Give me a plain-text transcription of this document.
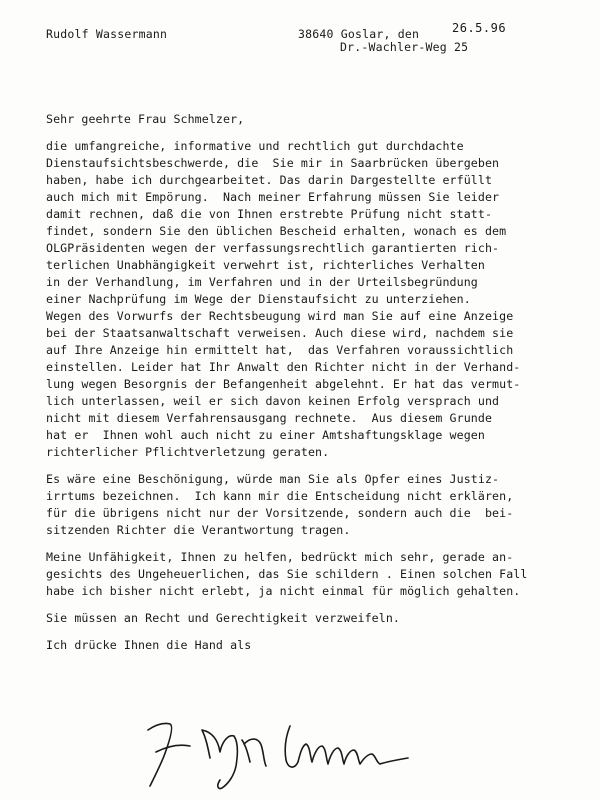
Rudolf Wassermann	38640 Goslar, den	26.5.96
Dr.-Wachler-Weg 25
Sehr geehrte Frau Schmelzer,
die umfangreiche, informative und rechtlich gut durchdachte
Dienstaufsichtsbeschwerde, die  Sie mir in Saarbrücken übergeben
haben, habe ich durchgearbeitet. Das darin Dargestellte erfüllt
auch mich mit Empörung.  Nach meiner Erfahrung müssen Sie leider
damit rechnen, daß die von Ihnen erstrebte Prüfung nicht statt-
findet, sondern Sie den üblichen Bescheid erhalten, wonach es dem
OLGPräsidenten wegen der verfassungsrechtlich garantierten rich-
terlichen Unabhängigkeit verwehrt ist, richterliches Verhalten
in der Verhandlung, im Verfahren und in der Urteilsbegründung
einer Nachprüfung im Wege der Dienstaufsicht zu unterziehen.
Wegen des Vorwurfs der Rechtsbeugung wird man Sie auf eine Anzeige
bei der Staatsanwaltschaft verweisen. Auch diese wird, nachdem sie
auf Ihre Anzeige hin ermittelt hat,  das Verfahren voraussichtlich
einstellen. Leider hat Ihr Anwalt den Richter nicht in der Verhand-
lung wegen Besorgnis der Befangenheit abgelehnt. Er hat das vermut-
lich unterlassen, weil er sich davon keinen Erfolg versprach und
nicht mit diesem Verfahrensausgang rechnete.  Aus diesem Grunde
hat er  Ihnen wohl auch nicht zu einer Amtshaftungsklage wegen
richterlicher Pflichtverletzung geraten.
Es wäre eine Beschönigung, würde man Sie als Opfer eines Justiz-
irrtums bezeichnen.  Ich kann mir die Entscheidung nicht erklären,
für die übrigens nicht nur der Vorsitzende, sondern auch die  bei-
sitzenden Richter die Verantwortung tragen.
Meine Unfähigkeit, Ihnen zu helfen, bedrückt mich sehr, gerade an-
gesichts des Ungeheuerlichen, das Sie schildern . Einen solchen Fall
habe ich bisher nicht erlebt, ja nicht einmal für möglich gehalten.
Sie müssen an Recht und Gerechtigkeit verzweifeln.
Ich drücke Ihnen die Hand als
